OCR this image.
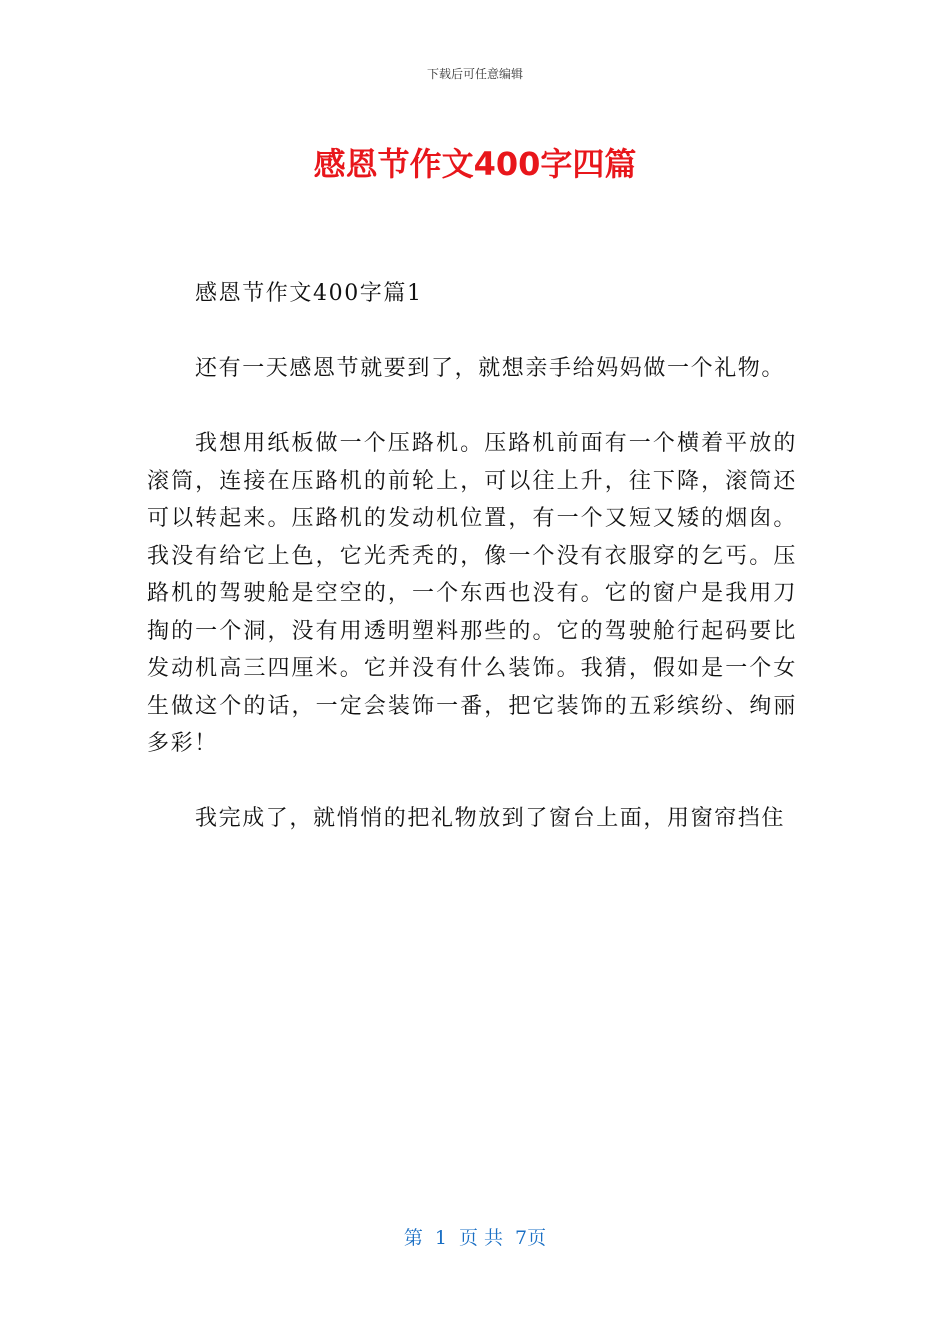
下载后可任意编辑
感恩节作文400字四篇

感恩节作文400字篇1

还有一天感恩节就要到了，就想亲手给妈妈做一个礼物。

我想用纸板做一个压路机。压路机前面有一个横着平放的滚筒，连接在压路机的前轮上，可以往上升，往下降，滚筒还可以转起来。压路机的发动机位置，有一个又短又矮的烟囱。我没有给它上色，它光秃秃的，像一个没有衣服穿的乞丐。压路机的驾驶舱是空空的，一个东西也没有。它的窗户是我用刀掏的一个洞，没有用透明塑料那些的。它的驾驶舱行起码要比发动机高三四厘米。它并没有什么装饰。我猜，假如是一个女生做这个的话，一定会装饰一番，把它装饰的五彩缤纷、绚丽多彩！

我完成了，就悄悄的把礼物放到了窗台上面，用窗帘挡住

第 1 页 共 7页
